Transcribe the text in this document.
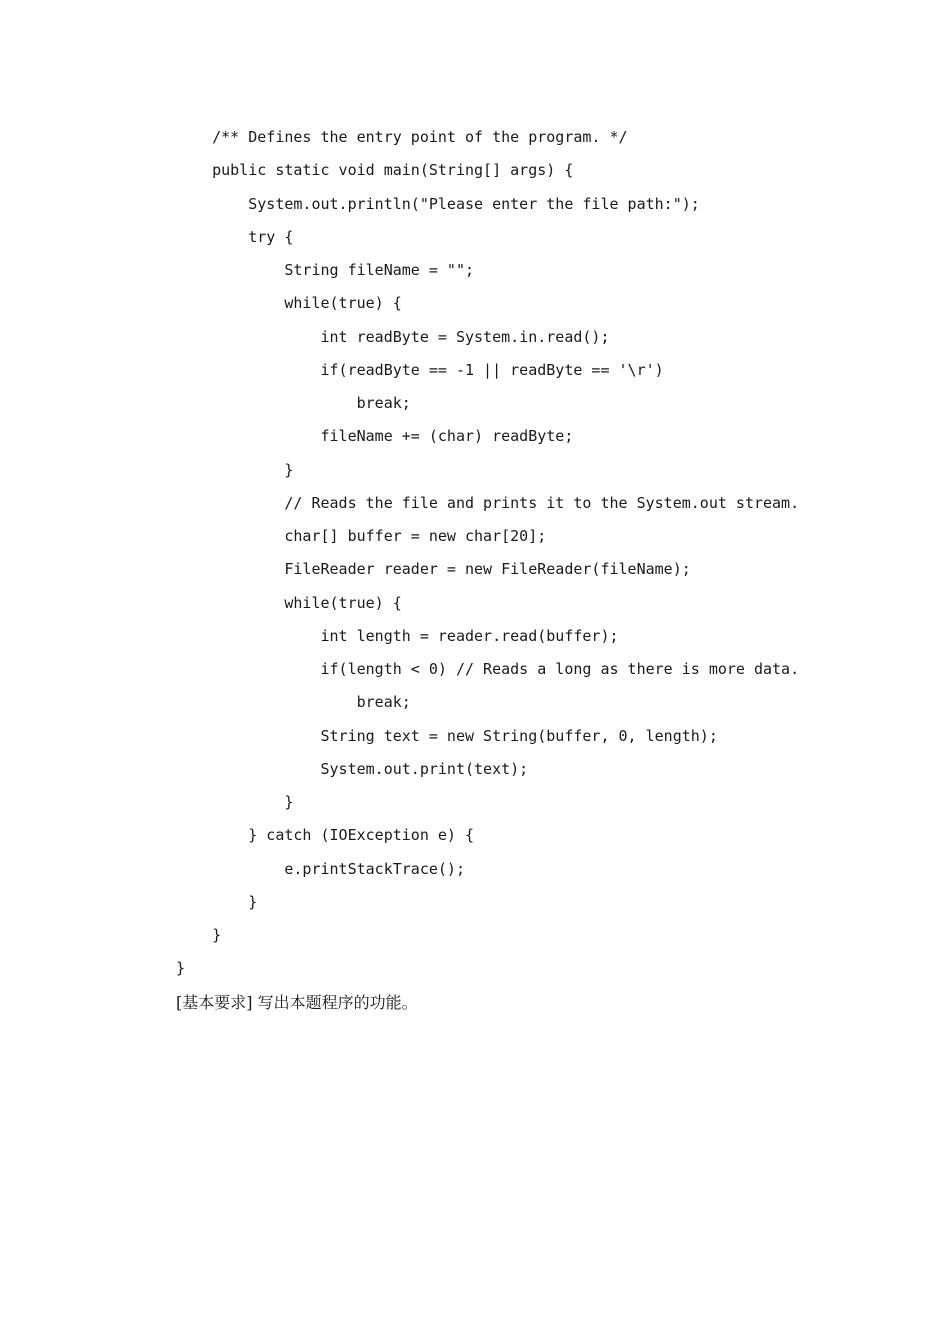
/** Defines the entry point of the program. */
public static void main(String[] args) {
System.out.println("Please enter the file path:");
try {
String fileName = "";
while(true) {
int readByte = System.in.read();
if(readByte == -1 || readByte == '\r')
break;
fileName += (char) readByte;
}
// Reads the file and prints it to the System.out stream.
char[] buffer = new char[20];
FileReader reader = new FileReader(fileName);
while(true) {
int length = reader.read(buffer);
if(length < 0) // Reads a long as there is more data.
break;
String text = new String(buffer, 0, length);
System.out.print(text);
}
} catch (IOException e) {
e.printStackTrace();
}
}
}
[基本要求] 写出本题程序的功能。
